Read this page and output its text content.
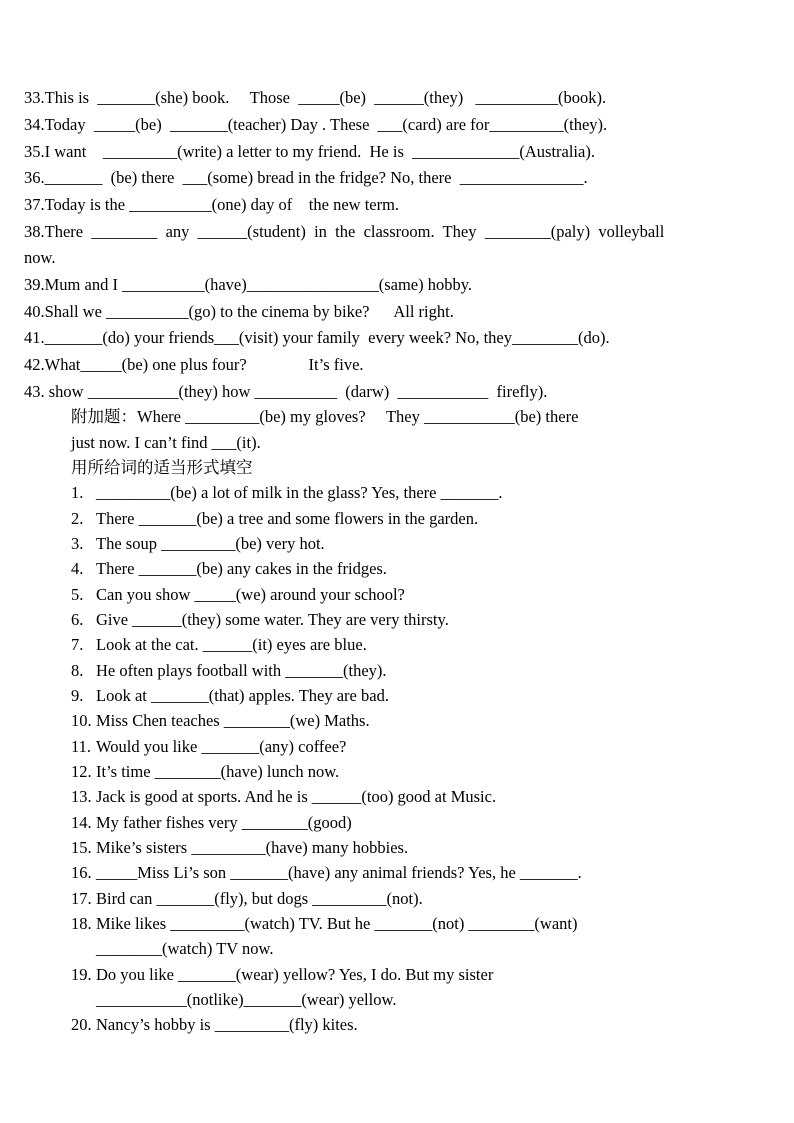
33.This is  _______(she) book.     Those  _____(be)  ______(they)   __________(book).
34.Today  _____(be)  _______(teacher) Day . These  ___(card) are for_________(they).
35.I want    _________(write) a letter to my friend.  He is  _____________(Australia).
36._______  (be) there  ___(some) bread in the fridge? No, there  _______________.
37.Today is the __________(one) day of    the new term.
38.There  ________  any  ______(student)  in  the  classroom.  They  ________(paly)  volleyball
now.
39.Mum and I __________(have)________________(same) hobby.
40.Shall we __________(go) to the cinema by bike?      All right.
41._______(do) your friends___(visit) your family  every week? No, they________(do).
42.What_____(be) one plus four?               It’s five.
43. show ___________(they) how __________  (darw)  ___________  firefly).
附加题：Where _________(be) my gloves?     They ___________(be) there
just now. I can’t find ___(it).
用所给词的适当形式填空
1. _________(be) a lot of milk in the glass? Yes, there _______.
2. There _______(be) a tree and some flowers in the garden.
3. The soup _________(be) very hot.
4. There _______(be) any cakes in the fridges.
5. Can you show _____(we) around your school?
6. Give ______(they) some water. They are very thirsty.
7. Look at the cat. ______(it) eyes are blue.
8. He often plays football with _______(they).
9. Look at _______(that) apples. They are bad.
10. Miss Chen teaches ________(we) Maths.
11. Would you like _______(any) coffee?
12. It’s time ________(have) lunch now.
13. Jack is good at sports. And he is ______(too) good at Music.
14. My father fishes very ________(good)
15. Mike’s sisters _________(have) many hobbies.
16. _____Miss Li’s son _______(have) any animal friends? Yes, he _______.
17. Bird can _______(fly), but dogs _________(not).
18. Mike likes _________(watch) TV. But he _______(not) ________(want)
________(watch) TV now.
19. Do you like _______(wear) yellow? Yes, I do. But my sister
___________(notlike)_______(wear) yellow.
20. Nancy’s hobby is _________(fly) kites.
